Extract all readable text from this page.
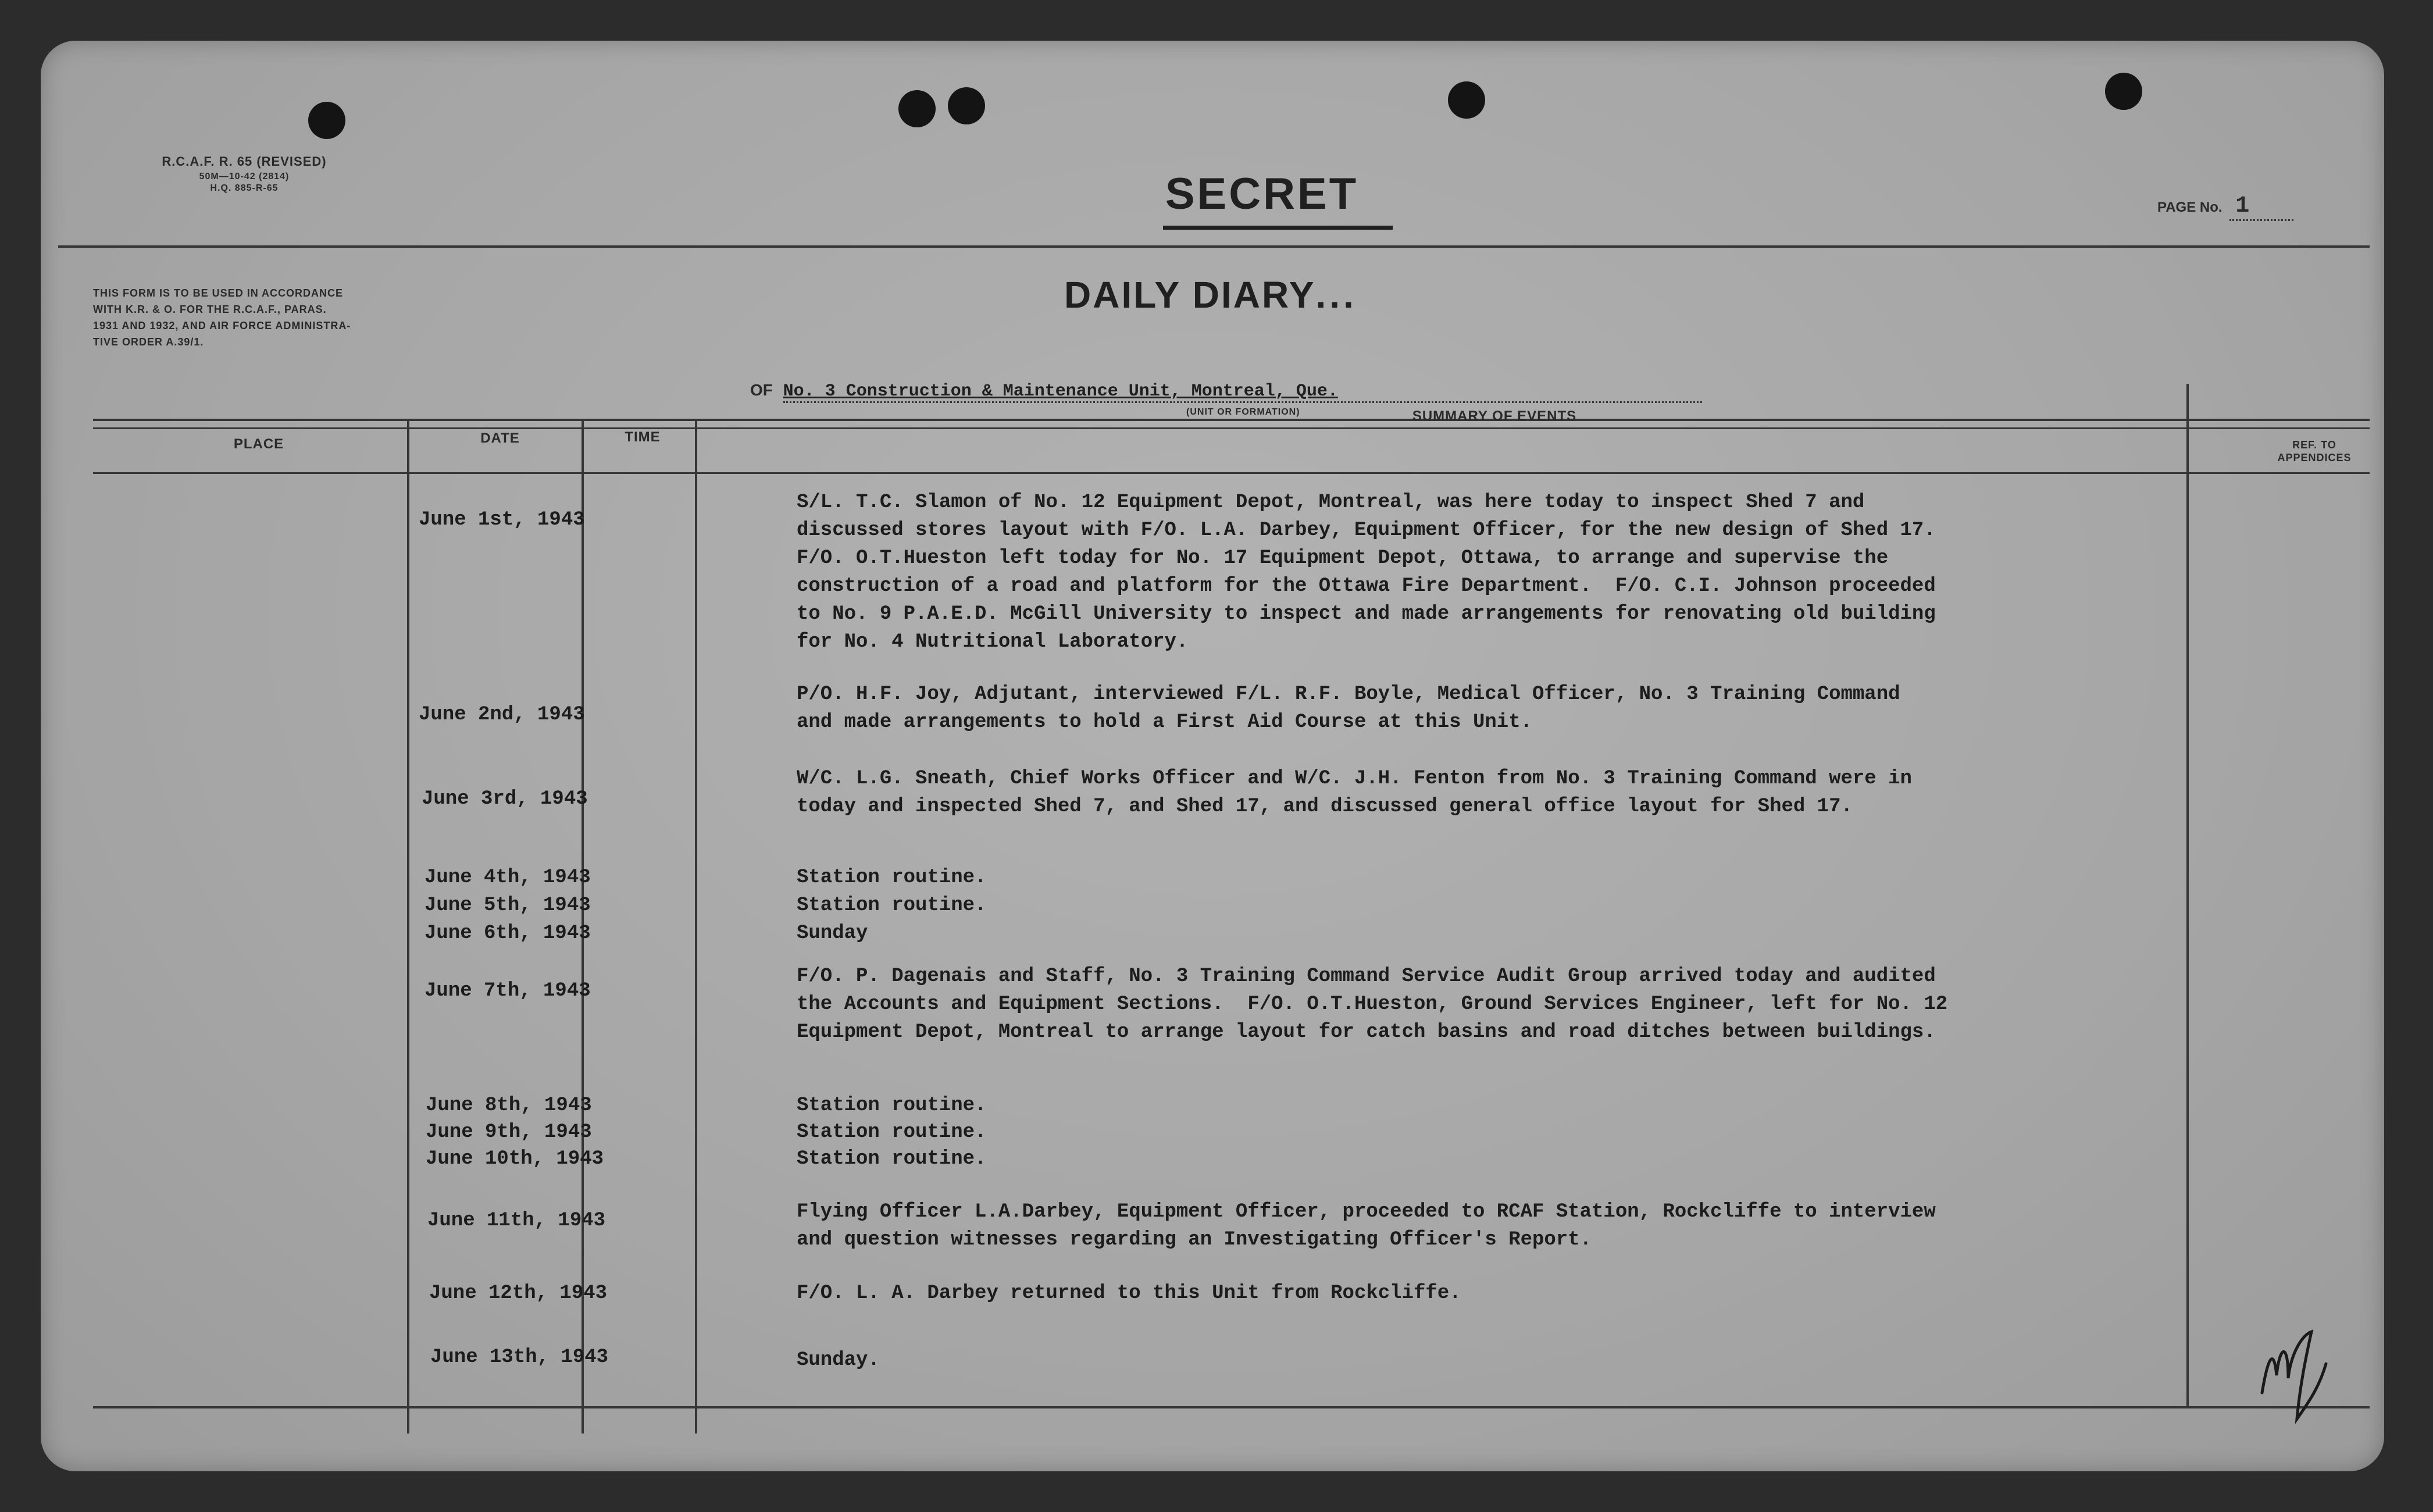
R.C.A.F. R. 65 (REVISED)
50M—10-42 (2814)
H.Q. 885-R-65	SECRET	PAGE No. 1
THIS FORM IS TO BE USED IN ACCORDANCE
WITH K.R. & O. FOR THE R.C.A.F., PARAS.
1931 AND 1932, AND AIR FORCE ADMINISTRA-
TIVE ORDER A.39/1.
DAILY DIARY...
OF No. 3 Construction & Maintenance Unit, Montreal, Que.
(UNIT OR FORMATION)
PLACE	DATE	TIME
SUMMARY OF EVENTS
REF. TO
APPENDICES
June 1st, 1943
S/L. T.C. Slamon of No. 12 Equipment Depot, Montreal, was here today to inspect Shed 7 and
discussed stores layout with F/O. L.A. Darbey, Equipment Officer, for the new design of Shed 17.
F/O. O.T.Hueston left today for No. 17 Equipment Depot, Ottawa, to arrange and supervise the
construction of a road and platform for the Ottawa Fire Department.  F/O. C.I. Johnson proceeded
to No. 9 P.A.E.D. McGill University to inspect and made arrangements for renovating old building
for No. 4 Nutritional Laboratory.
June 2nd, 1943
P/O. H.F. Joy, Adjutant, interviewed F/L. R.F. Boyle, Medical Officer, No. 3 Training Command
and made arrangements to hold a First Aid Course at this Unit.
June 3rd, 1943
W/C. L.G. Sneath, Chief Works Officer and W/C. J.H. Fenton from No. 3 Training Command were in
today and inspected Shed 7, and Shed 17, and discussed general office layout for Shed 17.
June 4th, 1943	Station routine.
June 5th, 1943	Station routine.
June 6th, 1943	Sunday
June 7th, 1943
F/O. P. Dagenais and Staff, No. 3 Training Command Service Audit Group arrived today and audited
the Accounts and Equipment Sections.  F/O. O.T.Hueston, Ground Services Engineer, left for No. 12
Equipment Depot, Montreal to arrange layout for catch basins and road ditches between buildings.
June 8th, 1943	Station routine.
June 9th, 1943	Station routine.
June 10th, 1943	Station routine.
June 11th, 1943	Flying Officer L.A.Darbey, Equipment Officer, proceeded to RCAF Station, Rockcliffe to interview
and question witnesses regarding an Investigating Officer's Report.
June 12th, 1943	F/O. L. A. Darbey returned to this Unit from Rockcliffe.
June 13th, 1943	Sunday.
